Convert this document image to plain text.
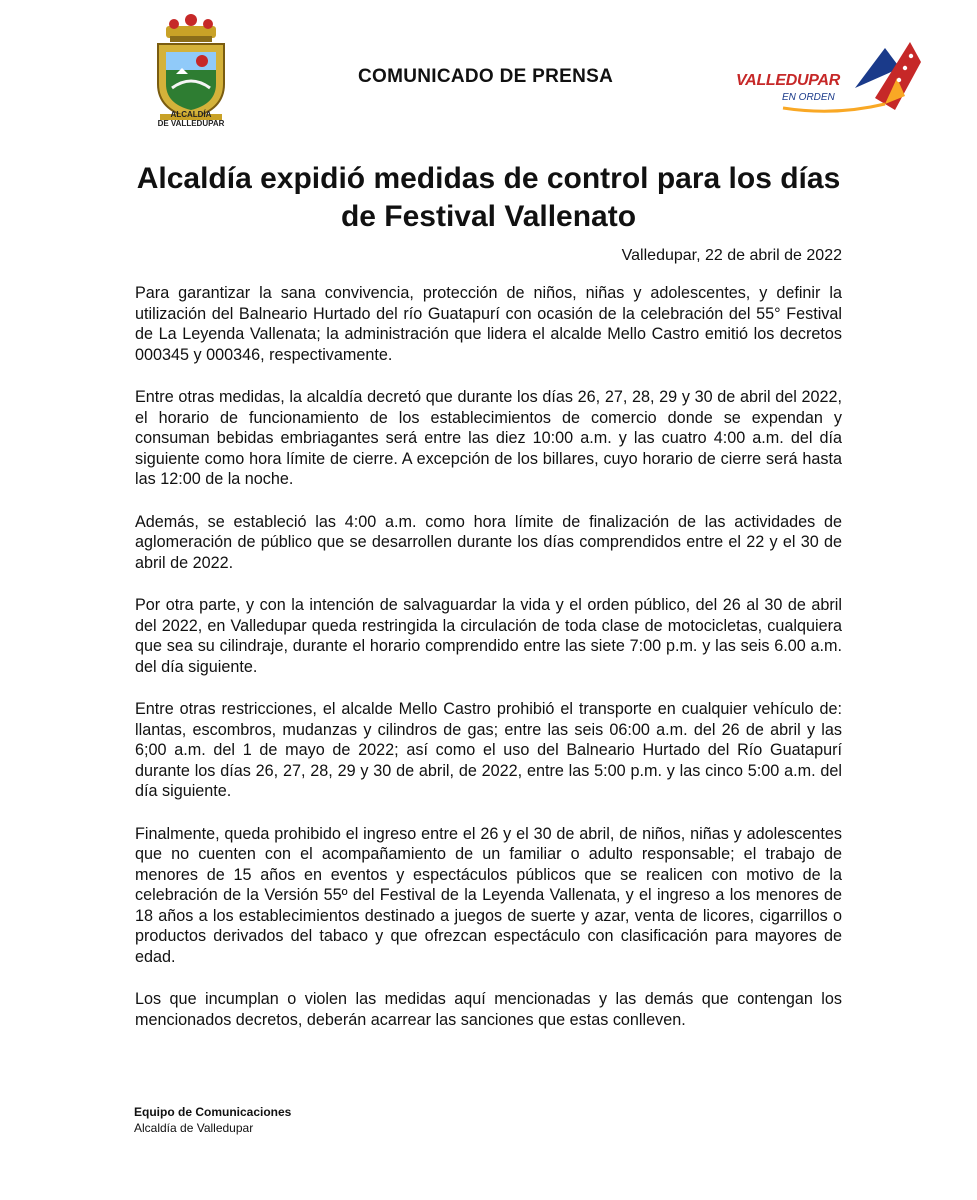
ALCALDÍA
DE VALLEDUPAR
COMUNICADO DE PRENSA	VALLEDUPAR
EN ORDEN
Alcaldía expidió medidas de control para los días de Festival Vallenato
Valledupar, 22 de abril de 2022

Para garantizar la sana convivencia, protección de niños, niñas y adolescentes, y definir la utilización del Balneario Hurtado del río Guatapurí con ocasión de la celebración del 55° Festival de La Leyenda Vallenata; la administración que lidera el alcalde Mello Castro emitió los decretos 000345 y 000346, respectivamente.

Entre otras medidas, la alcaldía decretó que durante los días 26, 27, 28, 29 y 30 de abril del 2022, el horario de funcionamiento de los establecimientos de comercio donde se expendan y consuman bebidas embriagantes será entre las diez 10:00 a.m. y las cuatro 4:00 a.m. del día siguiente como hora límite de cierre. A excepción de los billares, cuyo horario de cierre será hasta las 12:00 de la noche.

Además, se estableció las 4:00 a.m. como hora límite de finalización de las actividades de aglomeración de público que se desarrollen durante los días comprendidos entre el 22 y el 30 de abril de 2022.

Por otra parte, y con la intención de salvaguardar la vida y el orden público, del 26 al 30 de abril del 2022, en Valledupar queda restringida la circulación de toda clase de motocicletas, cualquiera que sea su cilindraje, durante el horario comprendido entre las siete 7:00 p.m. y las seis 6.00 a.m. del día siguiente.

Entre otras restricciones, el alcalde Mello Castro prohibió el transporte en cualquier vehículo de: llantas, escombros, mudanzas y cilindros de gas; entre las seis 06:00 a.m. del 26 de abril y las 6;00 a.m. del 1 de mayo de 2022; así como el uso del Balneario Hurtado del Río Guatapurí durante los días 26, 27, 28, 29 y 30 de abril, de 2022, entre las 5:00 p.m. y las cinco 5:00 a.m. del día siguiente.

Finalmente, queda prohibido el ingreso entre el 26 y el 30 de abril, de niños, niñas y adolescentes que no cuenten con el acompañamiento de un familiar o adulto responsable; el trabajo de menores de 15 años en eventos y espectáculos públicos que se realicen con motivo de la celebración de la Versión 55º del Festival de la Leyenda Vallenata, y el ingreso a los menores de 18 años a los establecimientos destinado a juegos de suerte y azar, venta de licores, cigarrillos o productos derivados del tabaco y que ofrezcan espectáculo con clasificación para mayores de edad.

Los que incumplan o violen las medidas aquí mencionadas y las demás que contengan los mencionados decretos, deberán acarrear las sanciones que estas conlleven.

Equipo de Comunicaciones
Alcaldía de Valledupar
